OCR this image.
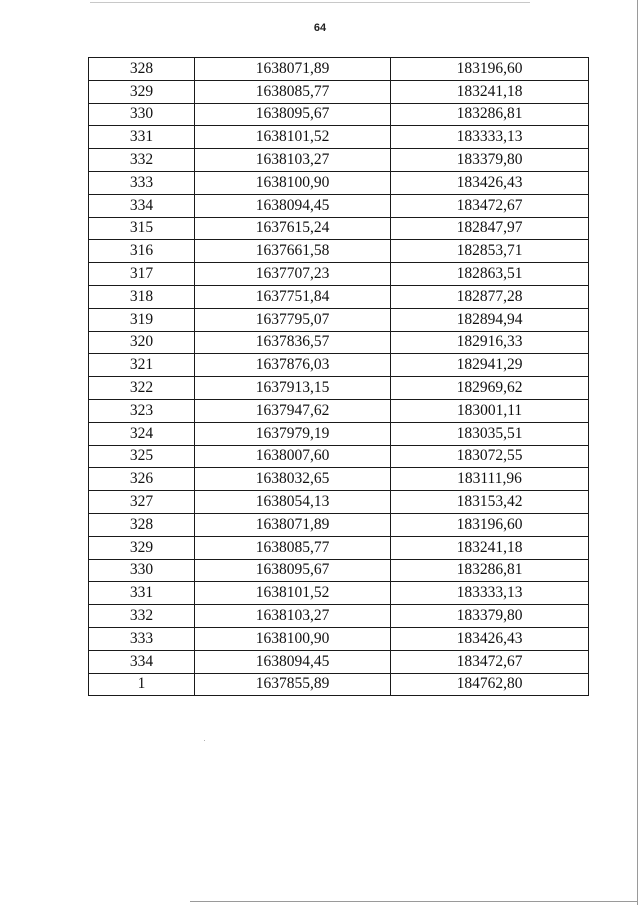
64
328	1638071,89	183196,60
329	1638085,77	183241,18
330	1638095,67	183286,81
331	1638101,52	183333,13
332	1638103,27	183379,80
333	1638100,90	183426,43
334	1638094,45	183472,67
315	1637615,24	182847,97
316	1637661,58	182853,71
317	1637707,23	182863,51
318	1637751,84	182877,28
319	1637795,07	182894,94
320	1637836,57	182916,33
321	1637876,03	182941,29
322	1637913,15	182969,62
323	1637947,62	183001,11
324	1637979,19	183035,51
325	1638007,60	183072,55
326	1638032,65	183111,96
327	1638054,13	183153,42
328	1638071,89	183196,60
329	1638085,77	183241,18
330	1638095,67	183286,81
331	1638101,52	183333,13
332	1638103,27	183379,80
333	1638100,90	183426,43
334	1638094,45	183472,67
1	1637855,89	184762,80
